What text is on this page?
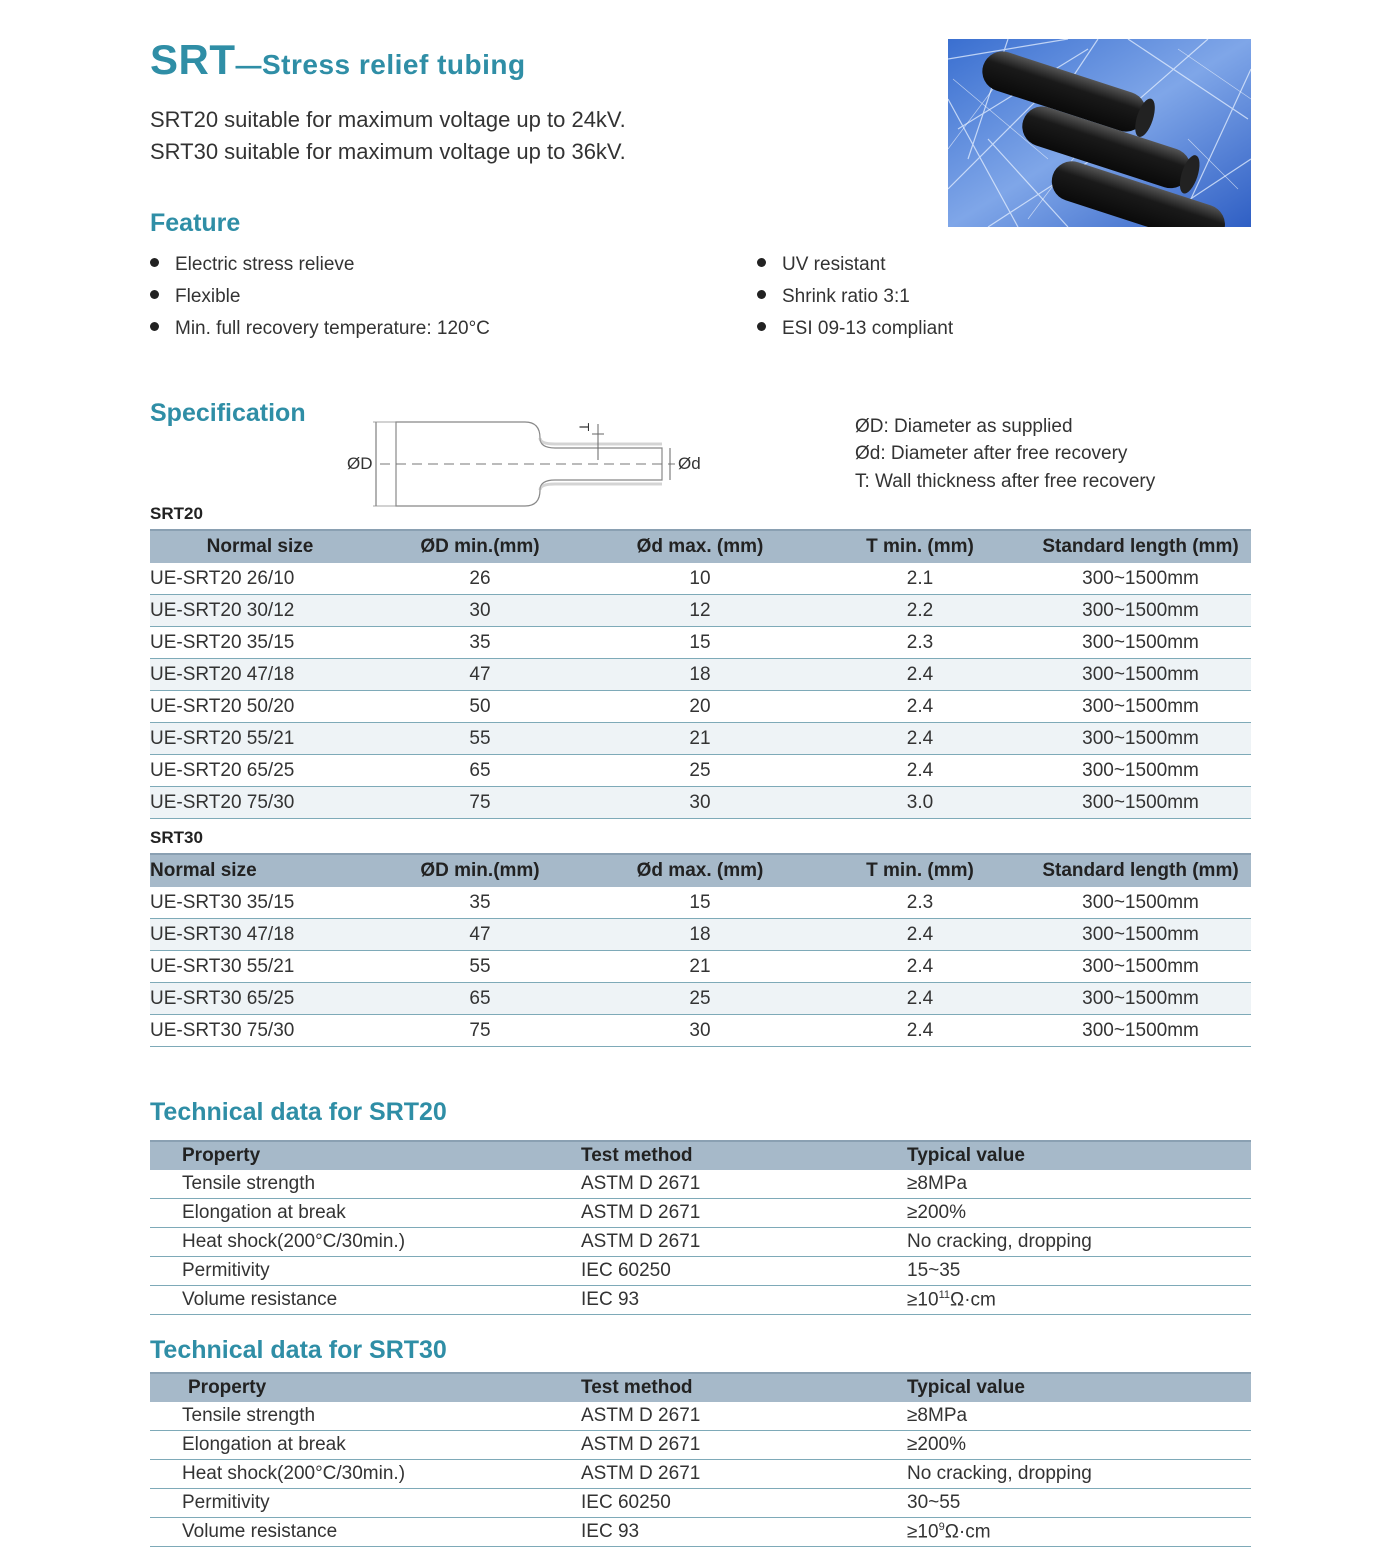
SRT—Stress relief tubing
SRT20 suitable for maximum voltage up to 24kV.
SRT30 suitable for maximum voltage up to 36kV.
Feature
Electric stress relieve
Flexible
Min. full recovery temperature: 120°C
UV resistant
Shrink ratio 3:1
ESI 09-13 compliant
Specification
ØD	Ød
T	ØD: Diameter as supplied
Ød: Diameter after free recovery
T: Wall thickness after free recovery
SRT20
Normal size	ØD min.(mm)	Ød max. (mm)	T min. (mm)	Standard length (mm)
UE-SRT20 26/10	26	10	2.1	300~1500mm
UE-SRT20 30/12	30	12	2.2	300~1500mm
UE-SRT20 35/15	35	15	2.3	300~1500mm
UE-SRT20 47/18	47	18	2.4	300~1500mm
UE-SRT20 50/20	50	20	2.4	300~1500mm
UE-SRT20 55/21	55	21	2.4	300~1500mm
UE-SRT20 65/25	65	25	2.4	300~1500mm
UE-SRT20 75/30	75	30	3.0	300~1500mm
SRT30
Normal size	ØD min.(mm)	Ød max. (mm)	T min. (mm)	Standard length (mm)
UE-SRT30 35/15	35	15	2.3	300~1500mm
UE-SRT30 47/18	47	18	2.4	300~1500mm
UE-SRT30 55/21	55	21	2.4	300~1500mm
UE-SRT30 65/25	65	25	2.4	300~1500mm
UE-SRT30 75/30	75	30	2.4	300~1500mm
Technical data for SRT20
Property	Test method	Typical value
Tensile strength	ASTM D 2671	≥8MPa
Elongation at break	ASTM D 2671	≥200%
Heat shock(200°C/30min.)	ASTM D 2671	No cracking, dropping
Permitivity	IEC 60250	15~35
Volume resistance	IEC 93	$\ge 10^{11}\Omega\cdot cm$
Technical data for SRT30
Property	Test method	Typical value
Tensile strength	ASTM D 2671	≥8MPa
Elongation at break	ASTM D 2671	≥200%
Heat shock(200°C/30min.)	ASTM D 2671	No cracking, dropping
Permitivity	IEC 60250	30~55
Volume resistance	IEC 93	$\ge 10^9\Omega\cdot cm$
